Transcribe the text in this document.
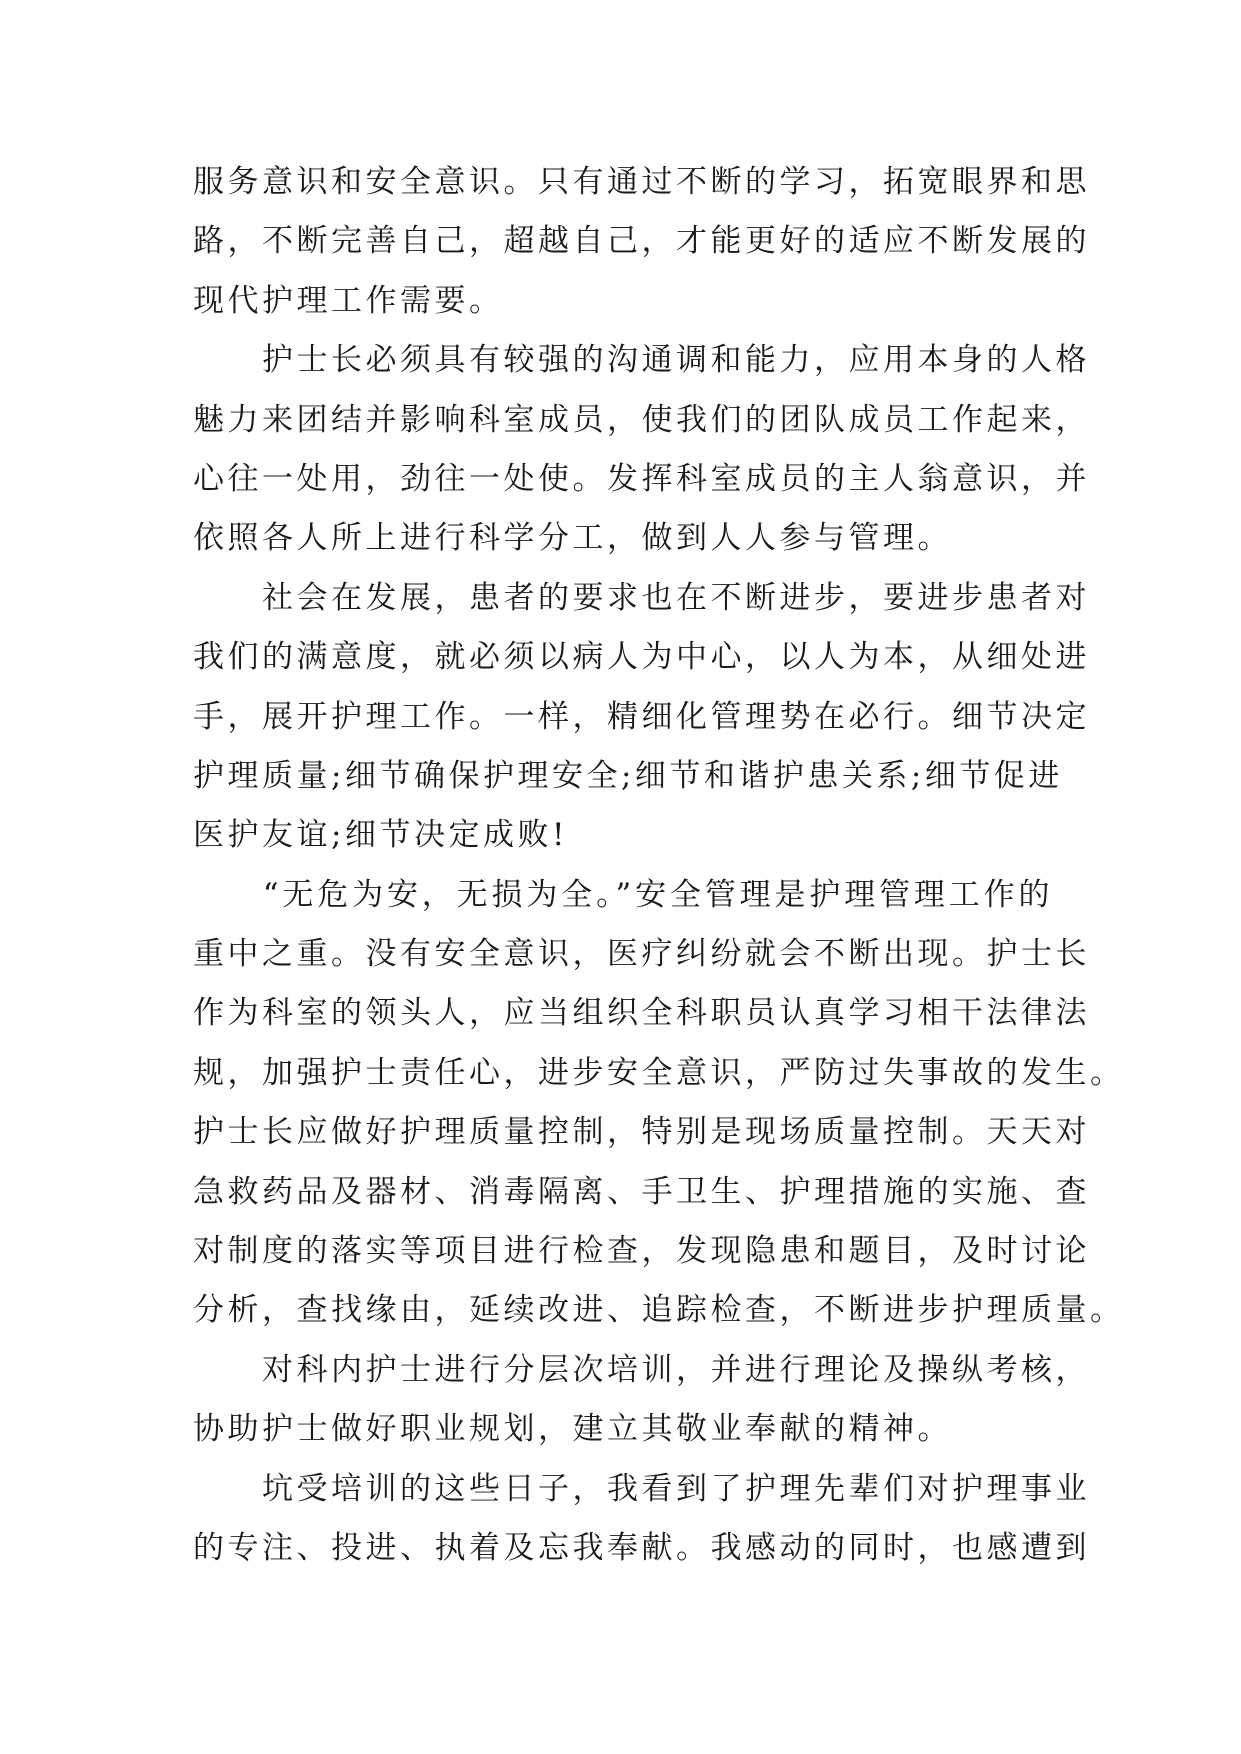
服务意识和安全意识。只有通过不断的学习，拓宽眼界和思
路，不断完善自己，超越自己，才能更好的适应不断发展的
现代护理工作需要。
　　护士长必须具有较强的沟通调和能力，应用本身的人格
魅力来团结并影响科室成员，使我们的团队成员工作起来，
心往一处用，劲往一处使。发挥科室成员的主人翁意识，并
依照各人所上进行科学分工，做到人人参与管理。
　　社会在发展，患者的要求也在不断进步，要进步患者对
我们的满意度，就必须以病人为中心，以人为本，从细处进
手，展开护理工作。一样，精细化管理势在必行。细节决定
护理质量;细节确保护理安全;细节和谐护患关系;细节促进
医护友谊;细节决定成败!
　　“无危为安，无损为全。”安全管理是护理管理工作的
重中之重。没有安全意识，医疗纠纷就会不断出现。护士长
作为科室的领头人，应当组织全科职员认真学习相干法律法
规，加强护士责任心，进步安全意识，严防过失事故的发生。
护士长应做好护理质量控制，特别是现场质量控制。天天对
急救药品及器材、消毒隔离、手卫生、护理措施的实施、查
对制度的落实等项目进行检查，发现隐患和题目，及时讨论
分析，查找缘由，延续改进、追踪检查，不断进步护理质量。
　　对科内护士进行分层次培训，并进行理论及操纵考核，
协助护士做好职业规划，建立其敬业奉献的精神。
　　坑受培训的这些日子，我看到了护理先辈们对护理事业
的专注、投进、执着及忘我奉献。我感动的同时，也感遭到
